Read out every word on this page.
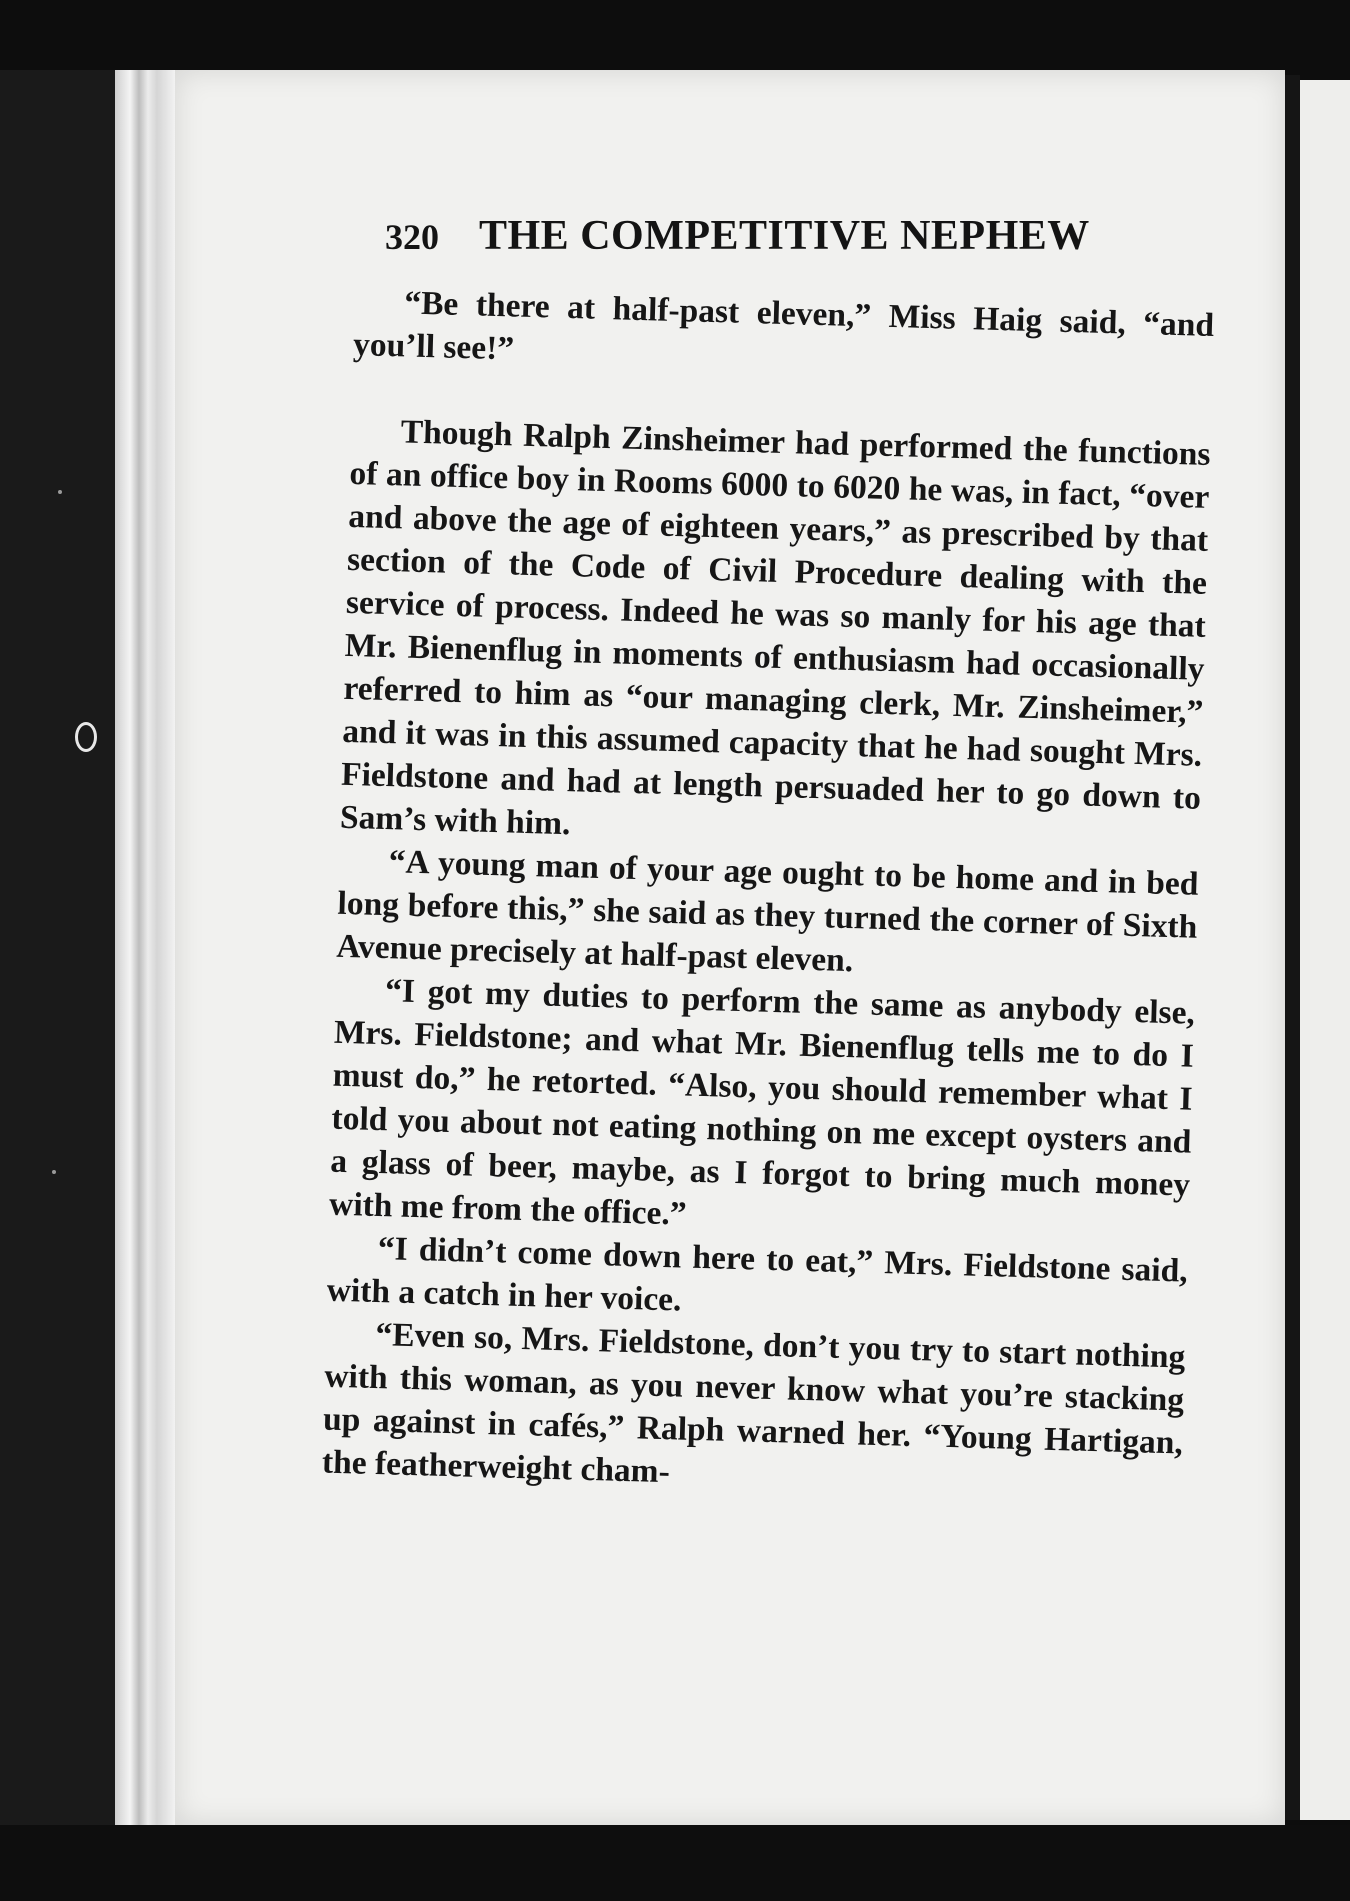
320 THE COMPETITIVE NEPHEW

“Be there at half-past eleven,” Miss Haig said, “and you’ll see!”

Though Ralph Zinsheimer had performed the functions of an office boy in Rooms 6000 to 6020 he was, in fact, “over and above the age of eighteen years,” as prescribed by that section of the Code of Civil Procedure dealing with the service of process. Indeed he was so manly for his age that Mr. Bienenflug in moments of enthusiasm had occasionally referred to him as “our managing clerk, Mr. Zinsheimer,” and it was in this assumed capacity that he had sought Mrs. Fieldstone and had at length persuaded her to go down to Sam’s with him.

“A young man of your age ought to be home and in bed long before this,” she said as they turned the corner of Sixth Avenue precisely at half-past eleven.

“I got my duties to perform the same as anybody else, Mrs. Fieldstone; and what Mr. Bienenflug tells me to do I must do,” he retorted. “Also, you should remember what I told you about not eating nothing on me except oysters and a glass of beer, maybe, as I forgot to bring much money with me from the office.”

“I didn’t come down here to eat,” Mrs. Fieldstone said, with a catch in her voice.

“Even so, Mrs. Fieldstone, don’t you try to start nothing with this woman, as you never know what you’re stacking up against in cafés,” Ralph warned her. “Young Hartigan, the featherweight cham-
